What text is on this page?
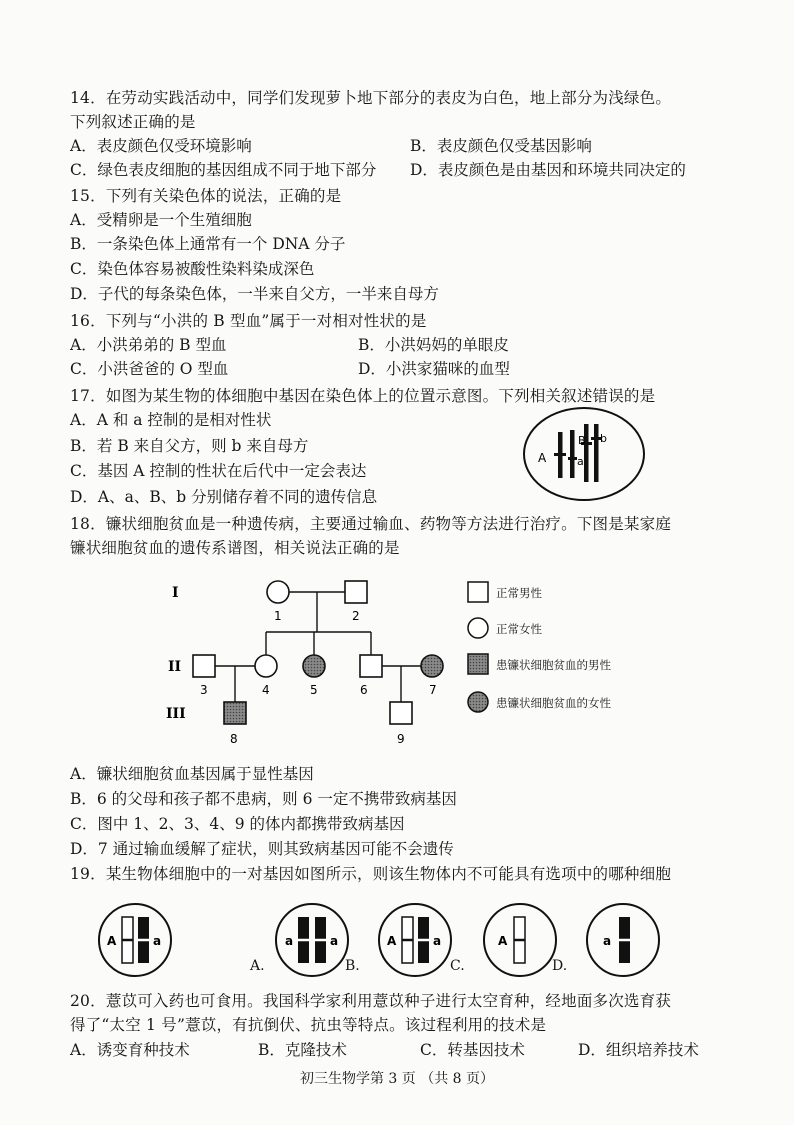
14．在劳动实践活动中，同学们发现萝卜地下部分的表皮为白色，地上部分为浅绿色。
下列叙述正确的是
A．表皮颜色仅受环境影响	B．表皮颜色仅受基因影响
C．绿色表皮细胞的基因组成不同于地下部分 D．表皮颜色是由基因和环境共同决定的
15．下列有关染色体的说法，正确的是
A．受精卵是一个生殖细胞
B．一条染色体上通常有一个 DNA 分子
C．染色体容易被酸性染料染成深色
D．子代的每条染色体，一半来自父方，一半来自母方
16．下列与“小洪的 B 型血”属于一对相对性状的是
A．小洪弟弟的 B 型血	B．小洪妈妈的单眼皮
C．小洪爸爸的 O 型血	D．小洪家猫咪的血型
17．如图为某生物的体细胞中基因在染色体上的位置示意图。下列相关叙述错误的是
A．A 和 a 控制的是相对性状
B．若 B 来自父方，则 b 来自母方
C．基因 A 控制的性状在后代中一定会表达
D．A、a、B、b 分别储存着不同的遗传信息
A	a
B b
18．镰状细胞贫血是一种遗传病，主要通过输血、药物等方法进行治疗。下图是某家庭
镰状细胞贫血的遗传系谱图，相关说法正确的是
I
II
III
1	2
3	4	5	6	7
8	9
正常男性
正常女性
患镰状细胞贫血的男性
患镰状细胞贫血的女性
A．镰状细胞贫血基因属于显性基因
B．6 的父母和孩子都不患病，则 6 一定不携带致病基因
C．图中 1、2、3、4、9 的体内都携带致病基因
D．7 通过输血缓解了症状，则其致病基因可能不会遗传
19．某生物体细胞中的一对基因如图所示，则该生物体内不可能具有选项中的哪种细胞
A	a	a	a
A.
A	a
B.
A
C.
a
D.
20．薏苡可入药也可食用。我国科学家利用薏苡种子进行太空育种，经地面多次选育获
得了“太空 1 号”薏苡，有抗倒伏、抗虫等特点。该过程利用的技术是
A．诱变育种技术	B．克隆技术	C．转基因技术	D．组织培养技术
初三生物学第 3 页 （共 8 页）
